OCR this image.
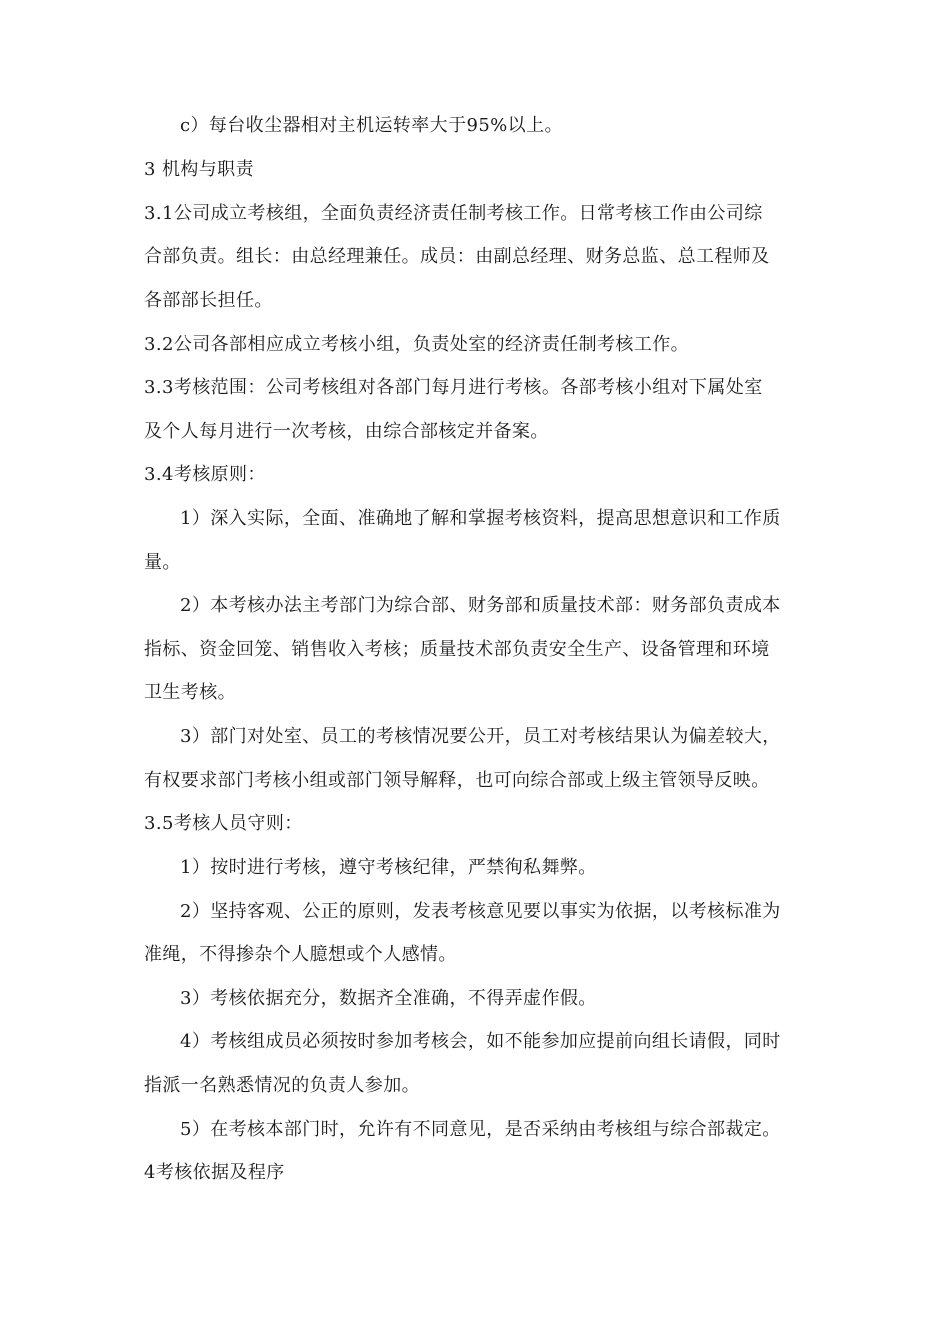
c）每台收尘器相对主机运转率大于95%以上。
3 机构与职责
3.1公司成立考核组，全面负责经济责任制考核工作。日常考核工作由公司综
合部负责。组长：由总经理兼任。成员：由副总经理、财务总监、总工程师及
各部部长担任。
3.2公司各部相应成立考核小组，负责处室的经济责任制考核工作。
3.3考核范围：公司考核组对各部门每月进行考核。各部考核小组对下属处室
及个人每月进行一次考核，由综合部核定并备案。
3.4考核原则：
1）深入实际，全面、准确地了解和掌握考核资料，提高思想意识和工作质
量。
2）本考核办法主考部门为综合部、财务部和质量技术部：财务部负责成本
指标、资金回笼、销售收入考核；质量技术部负责安全生产、设备管理和环境
卫生考核。
3）部门对处室、员工的考核情况要公开，员工对考核结果认为偏差较大，
有权要求部门考核小组或部门领导解释，也可向综合部或上级主管领导反映。
3.5考核人员守则：
1）按时进行考核，遵守考核纪律，严禁徇私舞弊。
2）坚持客观、公正的原则，发表考核意见要以事实为依据，以考核标准为
准绳，不得掺杂个人臆想或个人感情。
3）考核依据充分，数据齐全准确，不得弄虚作假。
4）考核组成员必须按时参加考核会，如不能参加应提前向组长请假，同时
指派一名熟悉情况的负责人参加。
5）在考核本部门时，允许有不同意见，是否采纳由考核组与综合部裁定。
4考核依据及程序
